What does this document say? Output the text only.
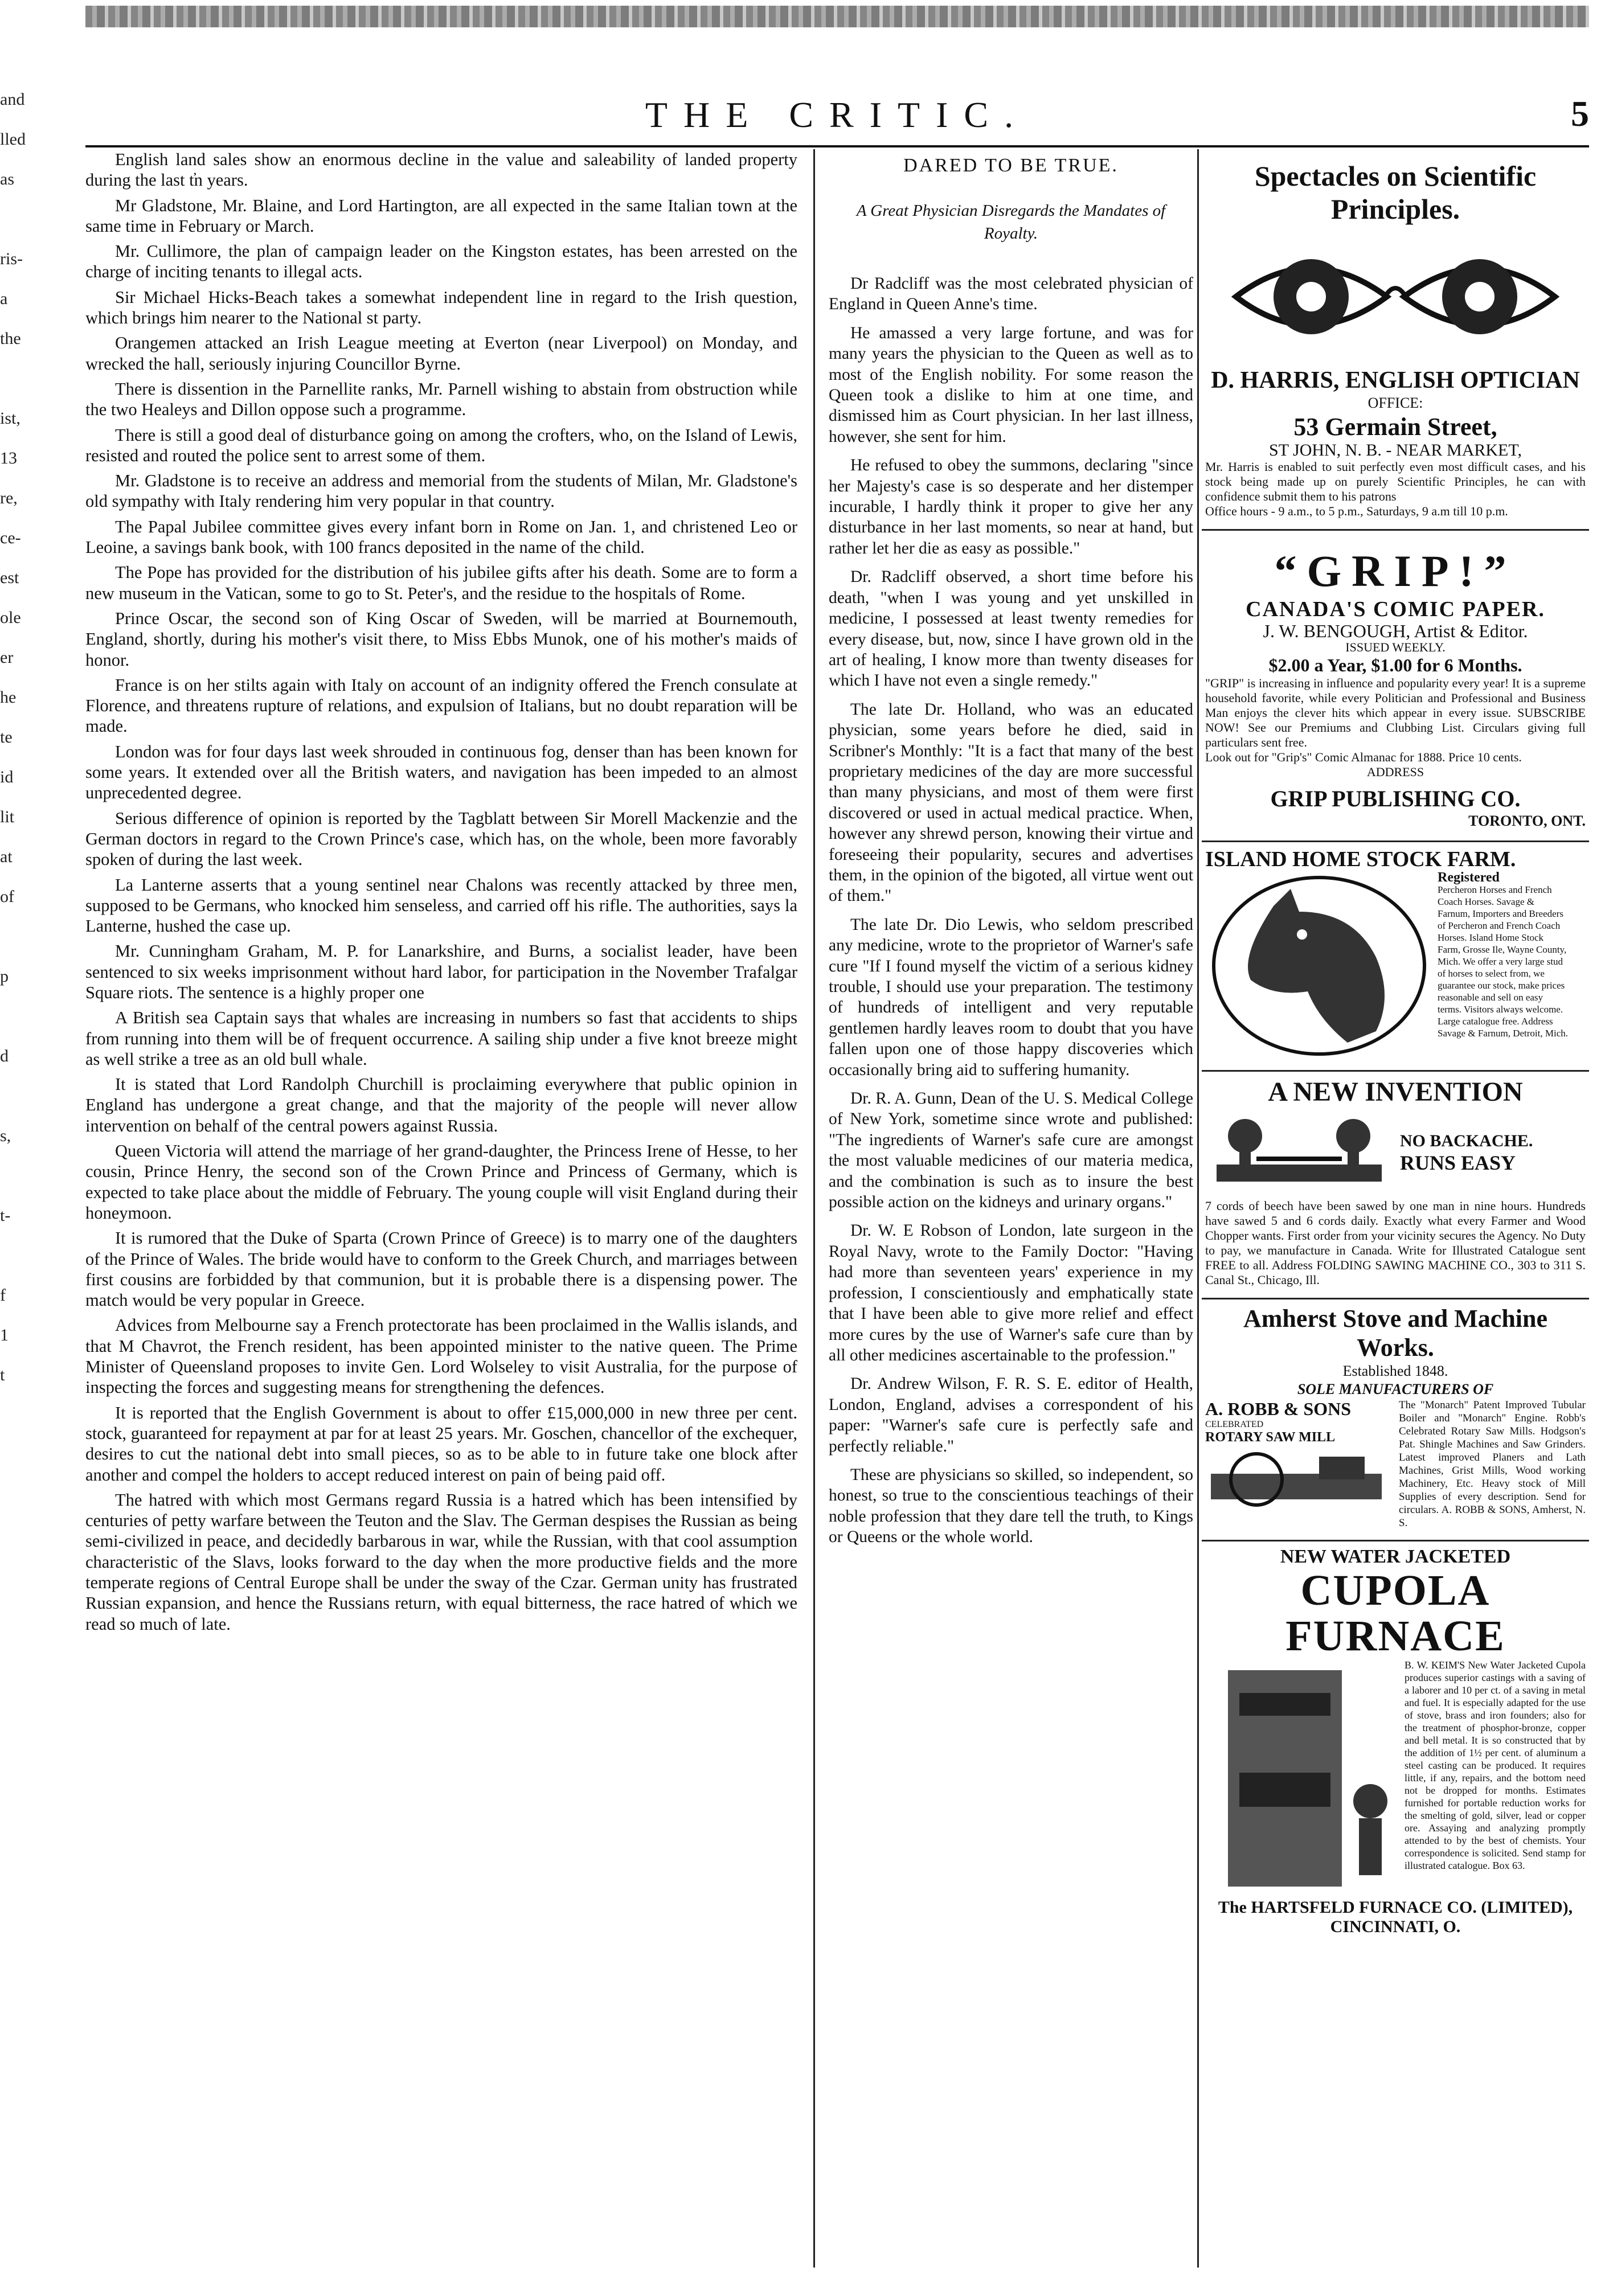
and
lled
as
ris-
a
the
ist,
13
re,
ce-
est
ole
er
he
te
id
lit
at
of
p
d
s,
t-
f
1
t
THE CRITIC.	5

English land sales show an enormous decline in the value and saleability of landed property during the last t̕n years.

Mr Gladstone, Mr. Blaine, and Lord Hartington, are all expected in the same Italian town at the same time in February or March.

Mr. Cullimore, the plan of campaign leader on the Kingston estates, has been arrested on the charge of inciting tenants to illegal acts.

Sir Michael Hicks-Beach takes a somewhat independent line in regard to the Irish question, which brings him nearer to the National st party.

Orangemen attacked an Irish League meeting at Everton (near Liverpool) on Monday, and wrecked the hall, seriously injuring Councillor Byrne.

There is dissention in the Parnellite ranks, Mr. Parnell wishing to abstain from obstruction while the two Healeys and Dillon oppose such a programme.

There is still a good deal of disturbance going on among the crofters, who, on the Island of Lewis, resisted and routed the police sent to arrest some of them.

Mr. Gladstone is to receive an address and memorial from the students of Milan, Mr. Gladstone's old sympathy with Italy rendering him very popular in that country.

The Papal Jubilee committee gives every infant born in Rome on Jan. 1, and christened Leo or Leoine, a savings bank book, with 100 francs deposited in the name of the child.

The Pope has provided for the distribution of his jubilee gifts after his death. Some are to form a new museum in the Vatican, some to go to St. Peter's, and the residue to the hospitals of Rome.

Prince Oscar, the second son of King Oscar of Sweden, will be married at Bournemouth, England, shortly, during his mother's visit there, to Miss Ebbs Munok, one of his mother's maids of honor.

France is on her stilts again with Italy on account of an indignity offered the French consulate at Florence, and threatens rupture of relations, and expulsion of Italians, but no doubt reparation will be made.

London was for four days last week shrouded in continuous fog, denser than has been known for some years. It extended over all the British waters, and navigation has been impeded to an almost unprecedented degree.

Serious difference of opinion is reported by the Tagblatt between Sir Morell Mackenzie and the German doctors in regard to the Crown Prince's case, which has, on the whole, been more favorably spoken of during the last week.

La Lanterne asserts that a young sentinel near Chalons was recently attacked by three men, supposed to be Germans, who knocked him senseless, and carried off his rifle. The authorities, says la Lanterne, hushed the case up.

Mr. Cunningham Graham, M. P. for Lanarkshire, and Burns, a socialist leader, have been sentenced to six weeks imprisonment without hard labor, for participation in the November Trafalgar Square riots. The sentence is a highly proper one

A British sea Captain says that whales are increasing in numbers so fast that accidents to ships from running into them will be of frequent occurrence. A sailing ship under a five knot breeze might as well strike a tree as an old bull whale.

It is stated that Lord Randolph Churchill is proclaiming everywhere that public opinion in England has undergone a great change, and that the majority of the people will never allow intervention on behalf of the central powers against Russia.

Queen Victoria will attend the marriage of her grand-daughter, the Princess Irene of Hesse, to her cousin, Prince Henry, the second son of the Crown Prince and Princess of Germany, which is expected to take place about the middle of February. The young couple will visit England during their honeymoon.

It is rumored that the Duke of Sparta (Crown Prince of Greece) is to marry one of the daughters of the Prince of Wales. The bride would have to conform to the Greek Church, and marriages between first cousins are forbidded by that communion, but it is probable there is a dispensing power. The match would be very popular in Greece.

Advices from Melbourne say a French protectorate has been proclaimed in the Wallis islands, and that M Chavrot, the French resident, has been appointed minister to the native queen. The Prime Minister of Queensland proposes to invite Gen. Lord Wolseley to visit Australia, for the purpose of inspecting the forces and suggesting means for strengthening the defences.

It is reported that the English Government is about to offer £15,000,000 in new three per cent. stock, guaranteed for repayment at par for at least 25 years. Mr. Goschen, chancellor of the exchequer, desires to cut the national debt into small pieces, so as to be able to in future take one block after another and compel the holders to accept reduced interest on pain of being paid off.

The hatred with which most Germans regard Russia is a hatred which has been intensified by centuries of petty warfare between the Teuton and the Slav. The German despises the Russian as being semi-civilized in peace, and decidedly barbarous in war, while the Russian, with that cool assumption characteristic of the Slavs, looks forward to the day when the more productive fields and the more temperate regions of Central Europe shall be under the sway of the Czar. German unity has frustrated Russian expansion, and hence the Russians return, with equal bitterness, the race hatred of which we read so much of late.

DARED TO BE TRUE.
A Great Physician Disregards the Mandates of Royalty.

Dr Radcliff was the most celebrated physician of England in Queen Anne's time.

He amassed a very large fortune, and was for many years the physician to the Queen as well as to most of the English nobility. For some reason the Queen took a dislike to him at one time, and dismissed him as Court physician. In her last illness, however, she sent for him.

He refused to obey the summons, declaring "since her Majesty's case is so desperate and her distemper incurable, I hardly think it proper to give her any disturbance in her last moments, so near at hand, but rather let her die as easy as possible."

Dr. Radcliff observed, a short time before his death, "when I was young and yet unskilled in medicine, I possessed at least twenty remedies for every disease, but, now, since I have grown old in the art of healing, I know more than twenty diseases for which I have not even a single remedy."

The late Dr. Holland, who was an educated physician, some years before he died, said in Scribner's Monthly: "It is a fact that many of the best proprietary medicines of the day are more successful than many physicians, and most of them were first discovered or used in actual medical practice. When, however any shrewd person, knowing their virtue and foreseeing their popularity, secures and advertises them, in the opinion of the bigoted, all virtue went out of them."

The late Dr. Dio Lewis, who seldom prescribed any medicine, wrote to the proprietor of Warner's safe cure "If I found myself the victim of a serious kidney trouble, I should use your preparation. The testimony of hundreds of intelligent and very reputable gentlemen hardly leaves room to doubt that you have fallen upon one of those happy discoveries which occasionally bring aid to suffering humanity.

Dr. R. A. Gunn, Dean of the U. S. Medical College of New York, sometime since wrote and published: "The ingredients of Warner's safe cure are amongst the most valuable medicines of our materia medica, and the combination is such as to insure the best possible action on the kidneys and urinary organs."

Dr. W. E Robson of London, late surgeon in the Royal Navy, wrote to the Family Doctor: "Having had more than seventeen years' experience in my profession, I conscientiously and emphatically state that I have been able to give more relief and effect more cures by the use of Warner's safe cure than by all other medicines ascertainable to the profession."

Dr. Andrew Wilson, F. R. S. E. editor of Health, London, England, advises a correspondent of his paper: "Warner's safe cure is perfectly safe and perfectly reliable."

These are physicians so skilled, so independent, so honest, so true to the conscientious teachings of their noble profession that they dare tell the truth, to Kings or Queens or the whole world.

Spectacles on Scientific Principles.
D. HARRIS, ENGLISH OPTICIAN
OFFICE:
53 Germain Street,
ST JOHN, N. B. - NEAR MARKET,
Mr. Harris is enabled to suit perfectly even most difficult cases, and his stock being made up on purely Scientific Principles, he can with confidence submit them to his patrons
Office hours - 9 a.m., to 5 p.m., Saturdays, 9 a.m till 10 p.m.
“GRIP!”
CANADA'S COMIC PAPER.
J. W. BENGOUGH, Artist & Editor.
ISSUED WEEKLY.
$2.00 a Year, $1.00 for 6 Months.
"GRIP" is increasing in influence and popularity every year! It is a supreme household favorite, while every Politician and Professional and Business Man enjoys the clever hits which appear in every issue. SUBSCRIBE NOW! See our Premiums and Clubbing List. Circulars giving full particulars sent free.
Look out for "Grip's" Comic Almanac for 1888. Price 10 cents.
ADDRESS
GRIP PUBLISHING CO.
TORONTO, ONT.
ISLAND HOME STOCK FARM.
Registered
Percheron Horses and French Coach Horses. Savage & Farnum, Importers and Breeders of Percheron and French Coach Horses. Island Home Stock Farm, Grosse Ile, Wayne County, Mich. We offer a very large stud of horses to select from, we guarantee our stock, make prices reasonable and sell on easy terms. Visitors always welcome. Large catalogue free. Address Savage & Farnum, Detroit, Mich.
A NEW INVENTION
NO BACKACHE.
RUNS EASY
7 cords of beech have been sawed by one man in nine hours. Hundreds have sawed 5 and 6 cords daily. Exactly what every Farmer and Wood Chopper wants. First order from your vicinity secures the Agency. No Duty to pay, we manufacture in Canada. Write for Illustrated Catalogue sent FREE to all. Address FOLDING SAWING MACHINE CO., 303 to 311 S. Canal St., Chicago, Ill.
Amherst Stove and Machine Works.
Established 1848.
SOLE MANUFACTURERS OF
A. ROBB & SONS
CELEBRATED
ROTARY SAW MILL
The "Monarch" Patent Improved Tubular Boiler and "Monarch" Engine. Robb's Celebrated Rotary Saw Mills. Hodgson's Pat. Shingle Machines and Saw Grinders. Latest improved Planers and Lath Machines, Grist Mills, Wood working Machinery, Etc. Heavy stock of Mill Supplies of every description. Send for circulars. A. ROBB & SONS, Amherst, N. S.
NEW WATER JACKETED
CUPOLA FURNACE
B. W. KEIM'S New Water Jacketed Cupola produces superior castings with a saving of a laborer and 10 per ct. of a saving in metal and fuel. It is especially adapted for the use of stove, brass and iron founders; also for the treatment of phosphor-bronze, copper and bell metal. It is so constructed that by the addition of 1½ per cent. of aluminum a steel casting can be produced. It requires little, if any, repairs, and the bottom need not be dropped for months. Estimates furnished for portable reduction works for the smelting of gold, silver, lead or copper ore. Assaying and analyzing promptly attended to by the best of chemists. Your correspondence is solicited. Send stamp for illustrated catalogue. Box 63.
The HARTSFELD FURNACE CO. (LIMITED), CINCINNATI, O.
